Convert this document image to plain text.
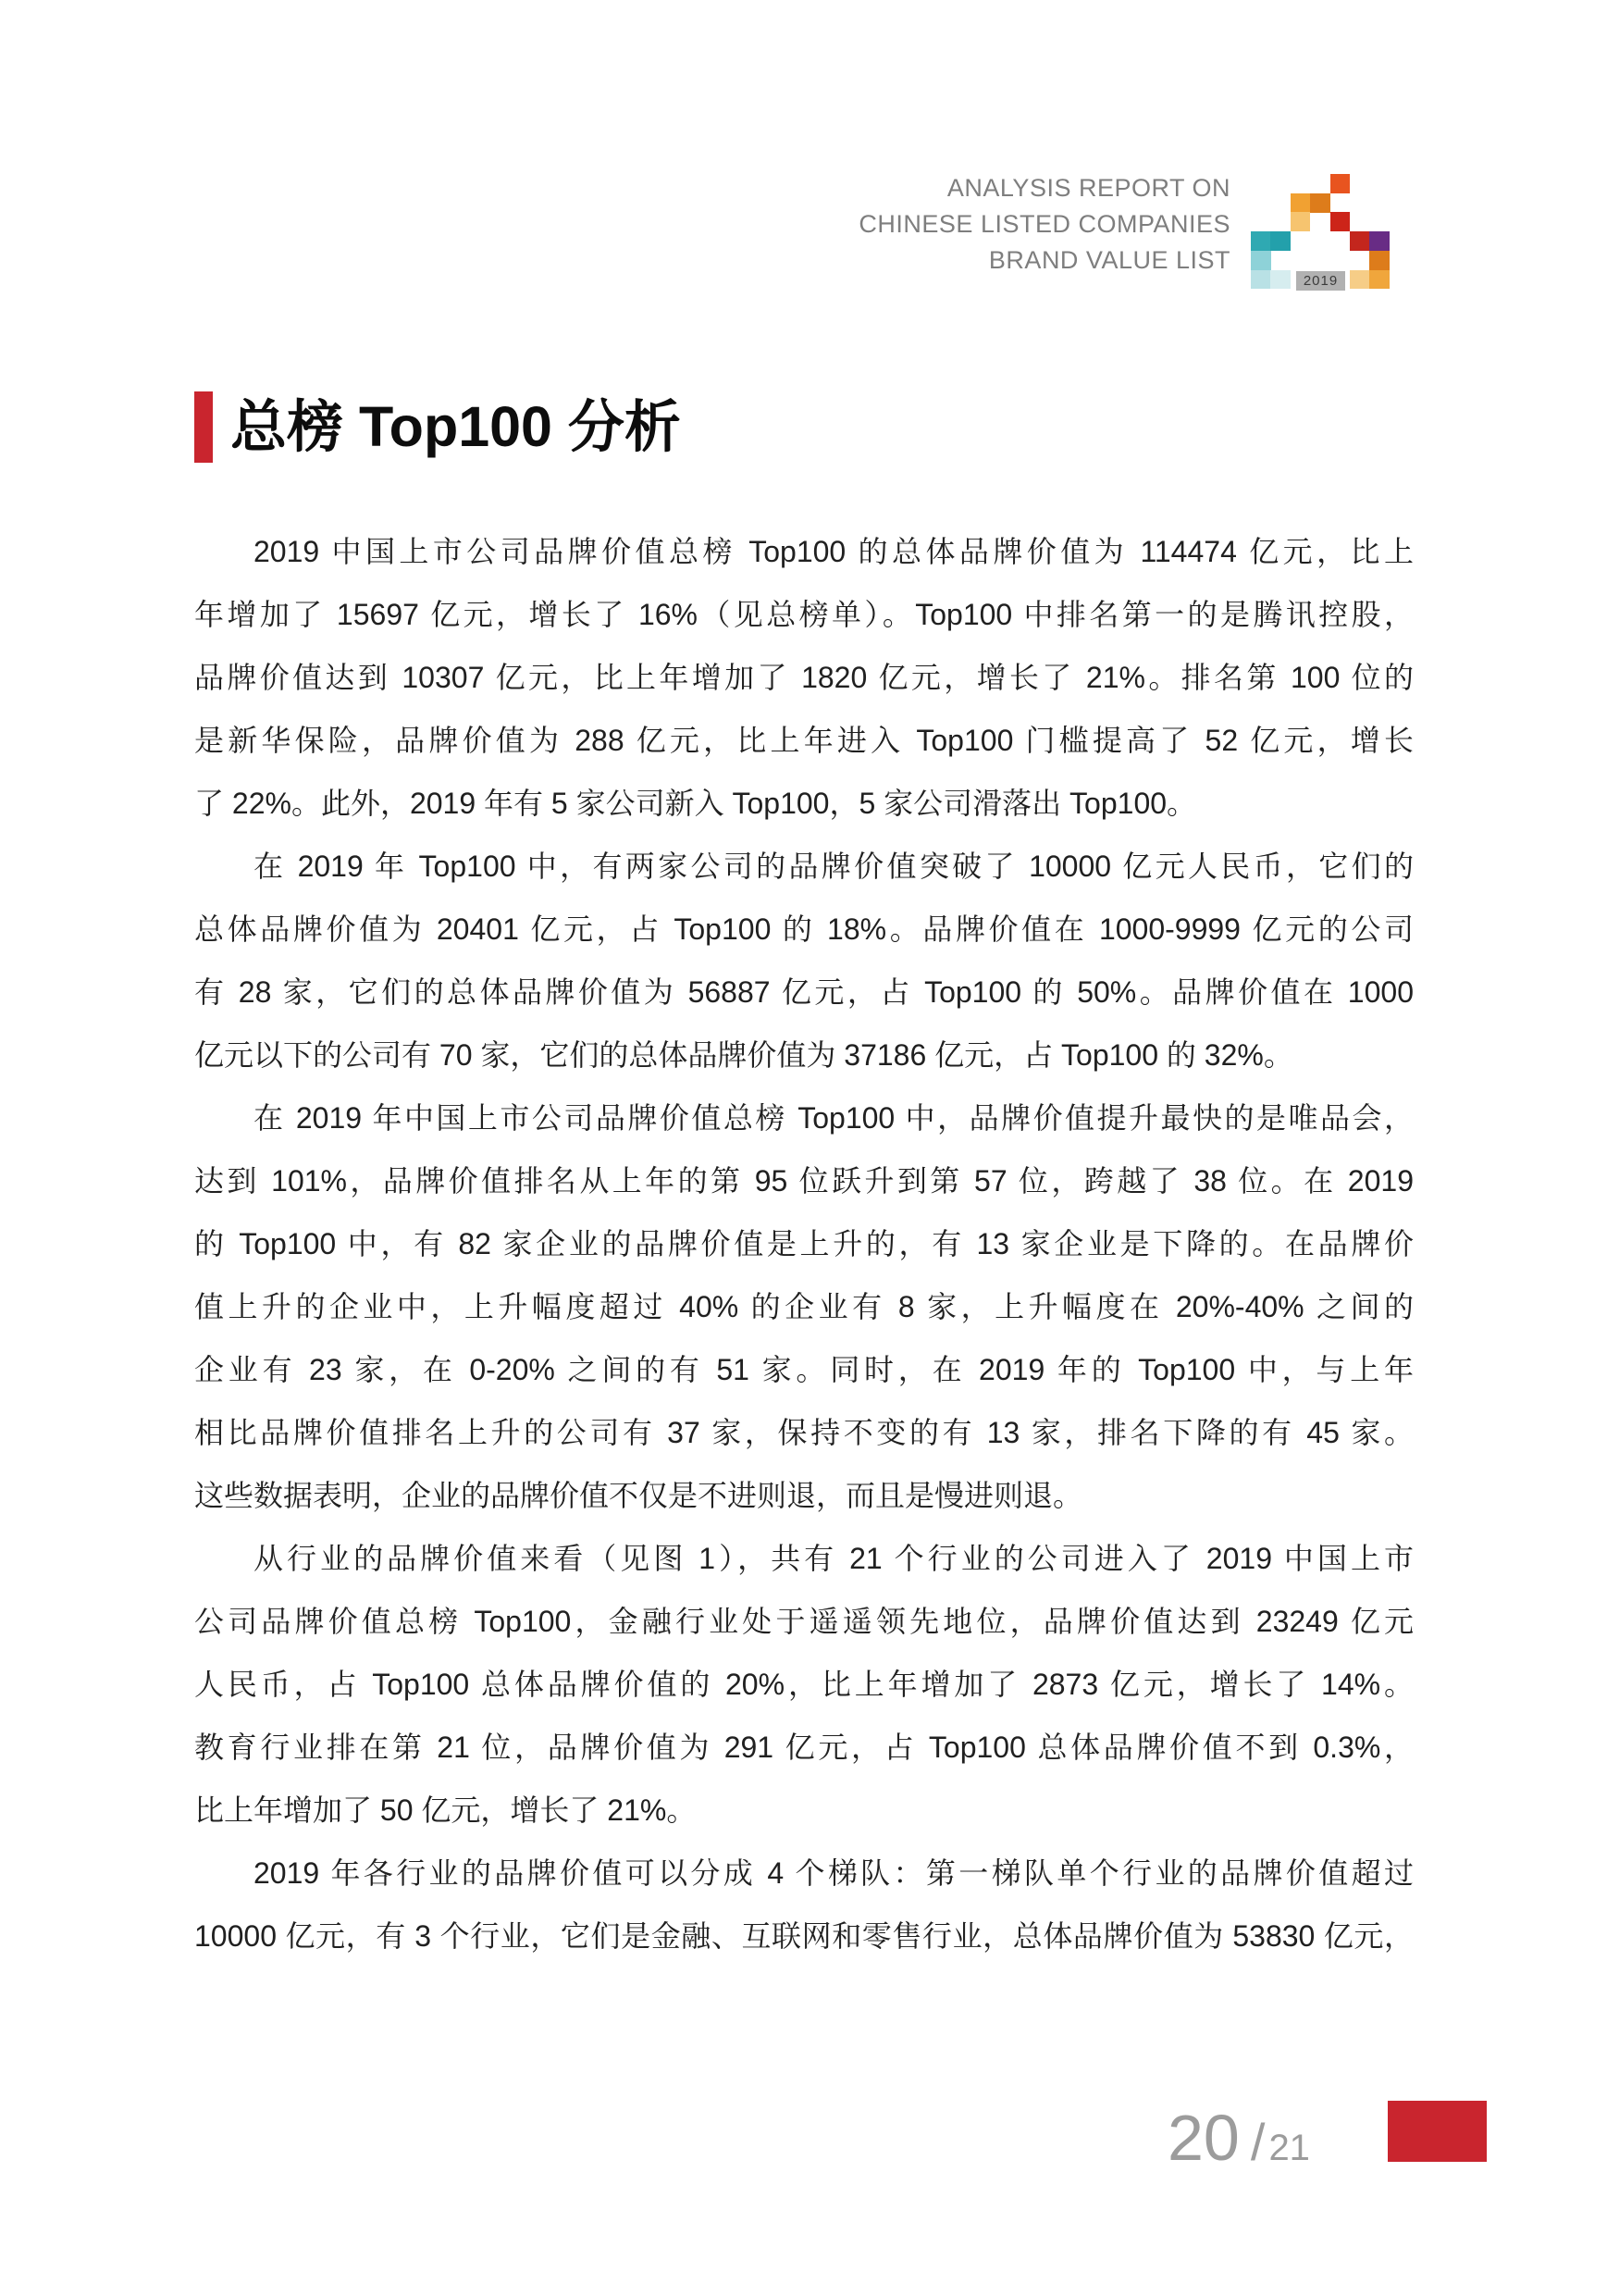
ANALYSIS REPORT ON
CHINESE LISTED COMPANIES
BRAND VALUE LIST
2019
总榜 Top100 分析
2019 中国上市公司品牌价值总榜 Top100 的总体品牌价值为 114474 亿元，比上
年增加了 15697 亿元，增长了 16%（见总榜单）。Top100 中排名第一的是腾讯控股，
品牌价值达到 10307 亿元，比上年增加了 1820 亿元，增长了 21%。排名第 100 位的
是新华保险，品牌价值为 288 亿元，比上年进入 Top100 门槛提高了 52 亿元，增长
了 22%。此外，2019 年有 5 家公司新入 Top100，5 家公司滑落出 Top100。
在 2019 年 Top100 中，有两家公司的品牌价值突破了 10000 亿元人民币，它们的
总体品牌价值为 20401 亿元，占 Top100 的 18%。品牌价值在 1000-9999 亿元的公司
有 28 家，它们的总体品牌价值为 56887 亿元，占 Top100 的 50%。品牌价值在 1000
亿元以下的公司有 70 家，它们的总体品牌价值为 37186 亿元，占 Top100 的 32%。
在 2019 年中国上市公司品牌价值总榜 Top100 中，品牌价值提升最快的是唯品会，
达到 101%，品牌价值排名从上年的第 95 位跃升到第 57 位，跨越了 38 位。在 2019
的 Top100 中，有 82 家企业的品牌价值是上升的，有 13 家企业是下降的。在品牌价
值上升的企业中，上升幅度超过 40% 的企业有 8 家，上升幅度在 20%-40% 之间的
企业有 23 家，在 0-20% 之间的有 51 家。同时，在 2019 年的 Top100 中，与上年
相比品牌价值排名上升的公司有 37 家，保持不变的有 13 家，排名下降的有 45 家。
这些数据表明，企业的品牌价值不仅是不进则退，而且是慢进则退。
从行业的品牌价值来看（见图 1），共有 21 个行业的公司进入了 2019 中国上市
公司品牌价值总榜 Top100，金融行业处于遥遥领先地位，品牌价值达到 23249 亿元
人民币，占 Top100 总体品牌价值的 20%，比上年增加了 2873 亿元，增长了 14%。
教育行业排在第 21 位，品牌价值为 291 亿元，占 Top100 总体品牌价值不到 0.3%，
比上年增加了 50 亿元，增长了 21%。
2019 年各行业的品牌价值可以分成 4 个梯队：第一梯队单个行业的品牌价值超过
10000 亿元，有 3 个行业，它们是金融、互联网和零售行业，总体品牌价值为 53830 亿元，
20 / 21
